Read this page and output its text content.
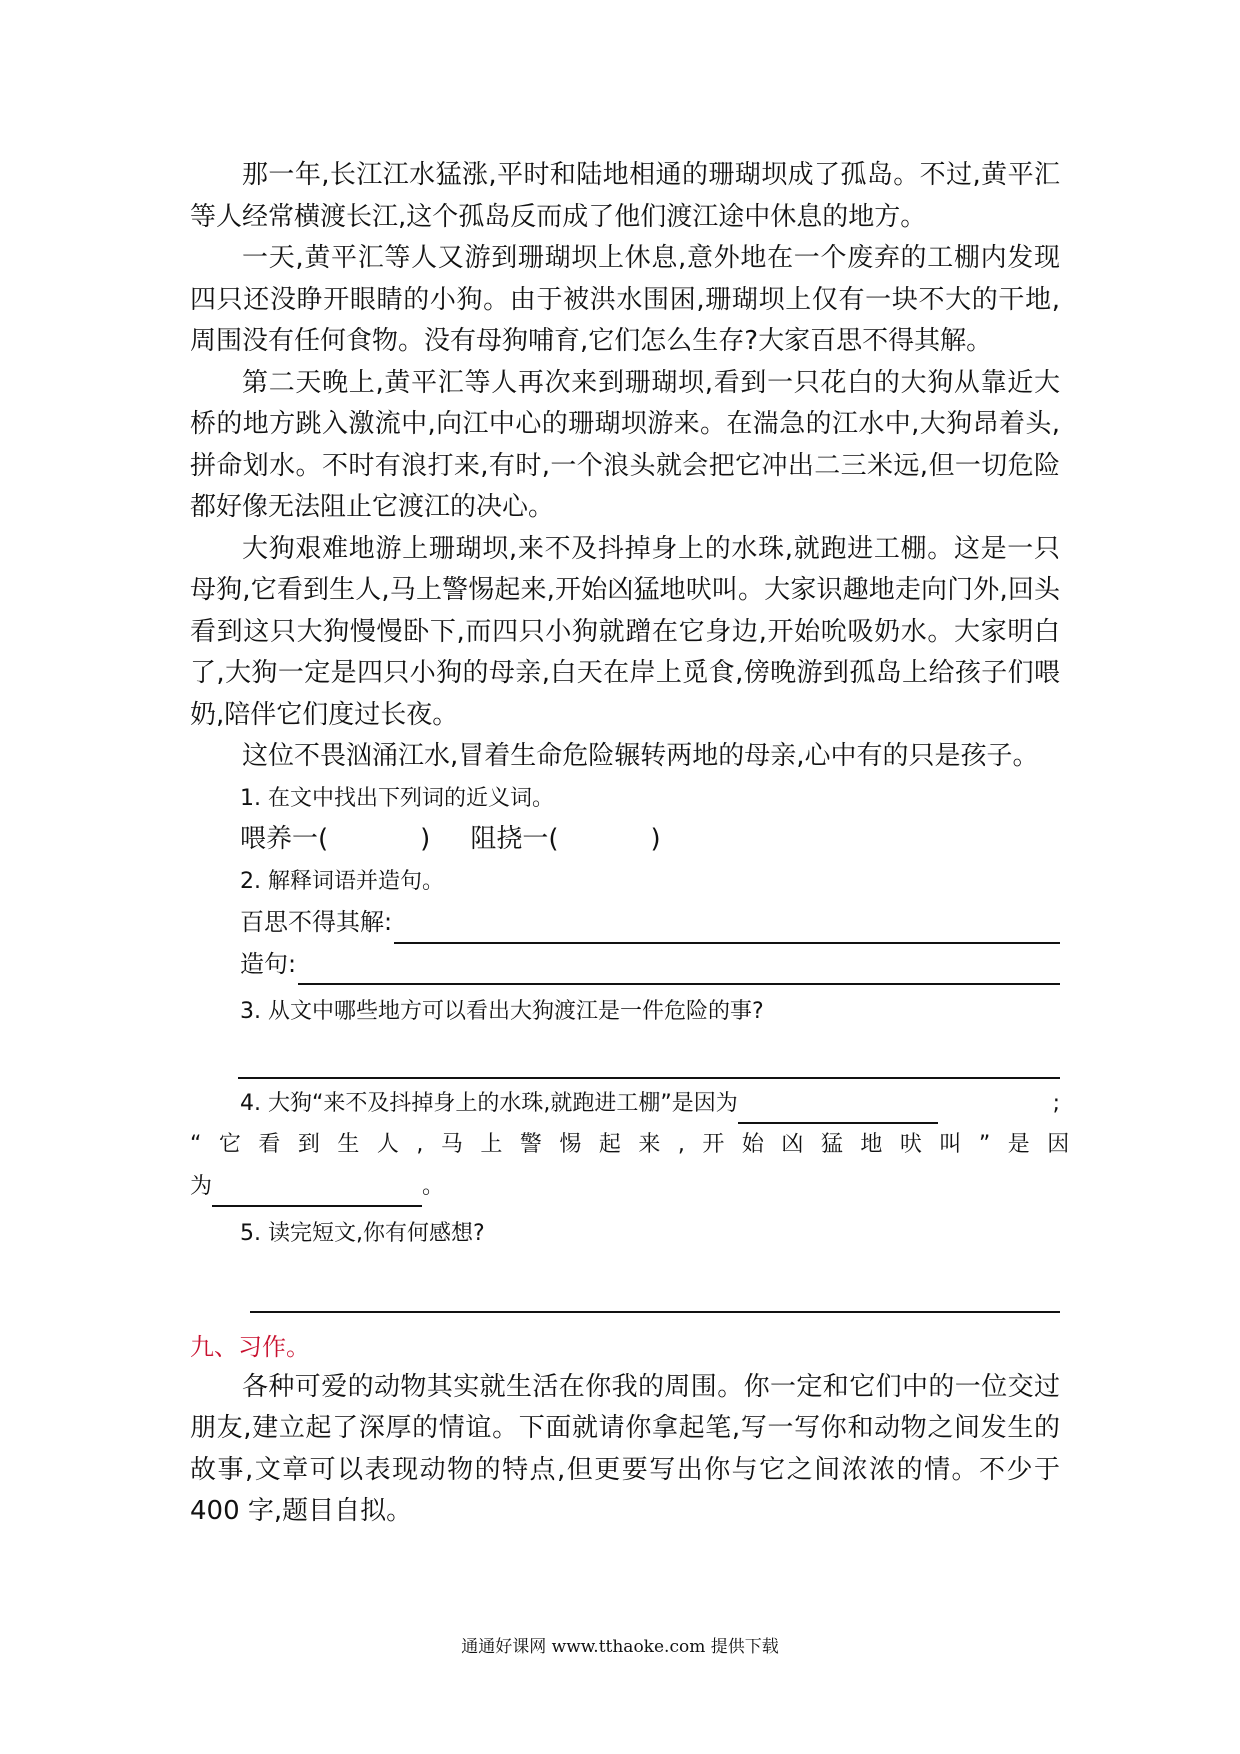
那一年,长江江水猛涨,平时和陆地相通的珊瑚坝成了孤岛。不过,黄平汇等人经常横渡长江,这个孤岛反而成了他们渡江途中休息的地方。

一天,黄平汇等人又游到珊瑚坝上休息,意外地在一个废弃的工棚内发现四只还没睁开眼睛的小狗。由于被洪水围困,珊瑚坝上仅有一块不大的干地,周围没有任何食物。没有母狗哺育,它们怎么生存?大家百思不得其解。

第二天晚上,黄平汇等人再次来到珊瑚坝,看到一只花白的大狗从靠近大桥的地方跳入激流中,向江中心的珊瑚坝游来。在湍急的江水中,大狗昂着头,拼命划水。不时有浪打来,有时,一个浪头就会把它冲出二三米远,但一切危险都好像无法阻止它渡江的决心。

大狗艰难地游上珊瑚坝,来不及抖掉身上的水珠,就跑进工棚。这是一只母狗,它看到生人,马上警惕起来,开始凶猛地吠叫。大家识趣地走向门外,回头看到这只大狗慢慢卧下,而四只小狗就蹭在它身边,开始吮吸奶水。大家明白了,大狗一定是四只小狗的母亲,白天在岸上觅食,傍晚游到孤岛上给孩子们喂奶,陪伴它们度过长夜。

这位不畏汹涌江水,冒着生命危险辗转两地的母亲,心中有的只是孩子。

1. 在文中找出下列词的近义词。

喂养一(	) 阻挠一(	)

2. 解释词语并造句。

百思不得其解:
造句:

3. 从文中哪些地方可以看出大狗渡江是一件危险的事?

4. 大狗“来不及抖掉身上的水珠,就跑进工棚”是因为	;

“它看到生人,马上警惕起来,开始凶猛地吠叫”是因

为	。

5. 读完短文,你有何感想?

九、习作。

各种可爱的动物其实就生活在你我的周围。你一定和它们中的一位交过朋友,建立起了深厚的情谊。下面就请你拿起笔,写一写你和动物之间发生的故事,文章可以表现动物的特点,但更要写出你与它之间浓浓的情。不少于 400 字,题目自拟。

通通好课网 www.tthaoke.com 提供下载
